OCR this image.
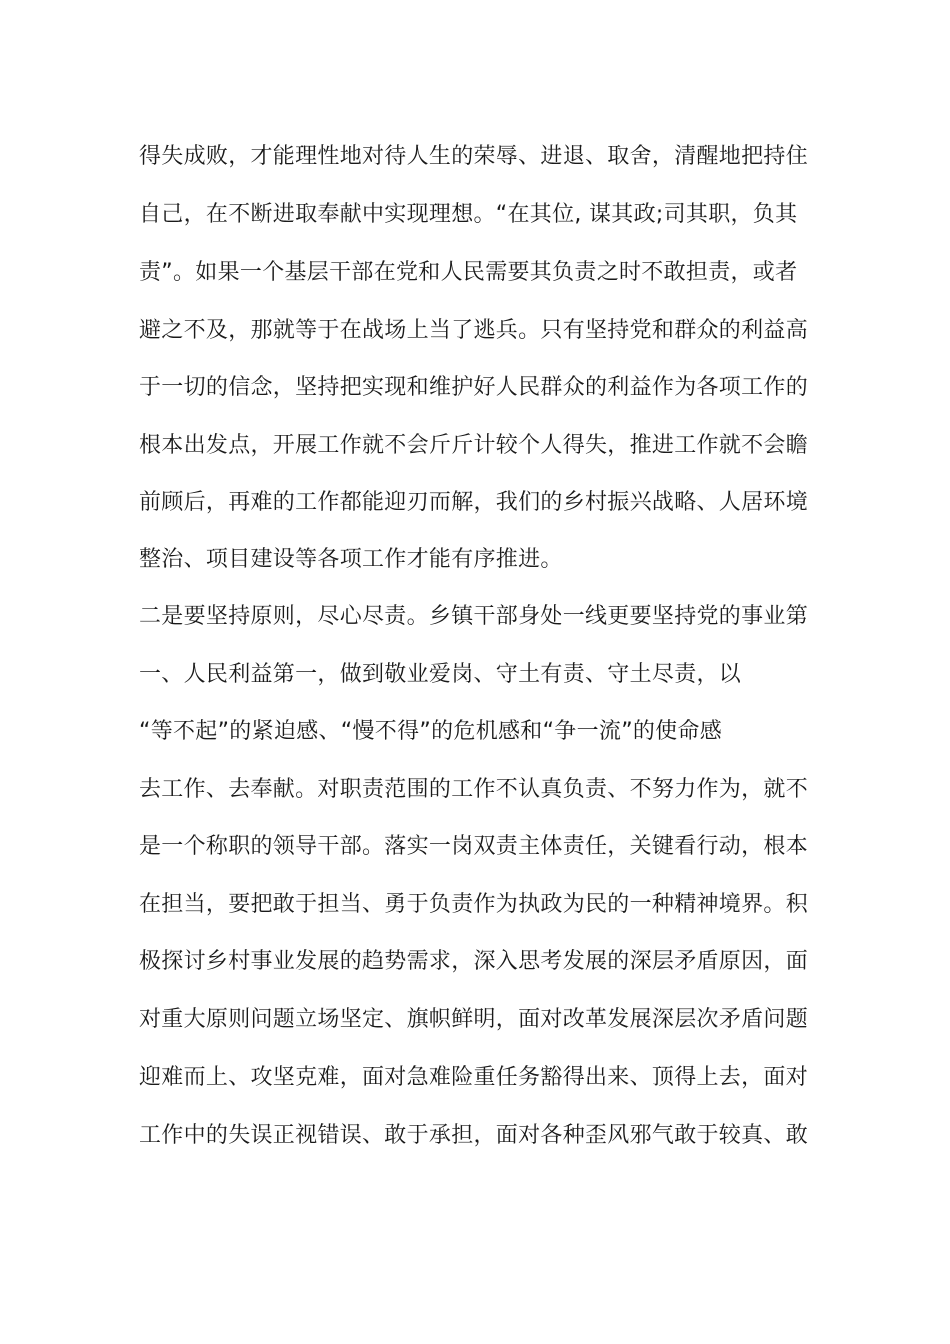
得失成败，才能理性地对待人生的荣辱、进退、取舍，清醒地把持住
自己，在不断进取奉献中实现理想。“在其位, 谋其政;司其职，负其
责”。如果一个基层干部在党和人民需要其负责之时不敢担责，或者
避之不及，那就等于在战场上当了逃兵。只有坚持党和群众的利益高
于一切的信念，坚持把实现和维护好人民群众的利益作为各项工作的
根本出发点，开展工作就不会斤斤计较个人得失，推进工作就不会瞻
前顾后，再难的工作都能迎刃而解，我们的乡村振兴战略、人居环境
整治、项目建设等各项工作才能有序推进。
二是要坚持原则，尽心尽责。乡镇干部身处一线更要坚持党的事业第
一、人民利益第一，做到敬业爱岗、守土有责、守土尽责，以
“等不起”的紧迫感、“慢不得”的危机感和“争一流”的使命感
去工作、去奉献。对职责范围的工作不认真负责、不努力作为，就不
是一个称职的领导干部。落实一岗双责主体责任，关键看行动，根本
在担当，要把敢于担当、勇于负责作为执政为民的一种精神境界。积
极探讨乡村事业发展的趋势需求，深入思考发展的深层矛盾原因，面
对重大原则问题立场坚定、旗帜鲜明，面对改革发展深层次矛盾问题
迎难而上、攻坚克难，面对急难险重任务豁得出来、顶得上去，面对
工作中的失误正视错误、敢于承担，面对各种歪风邪气敢于较真、敢
